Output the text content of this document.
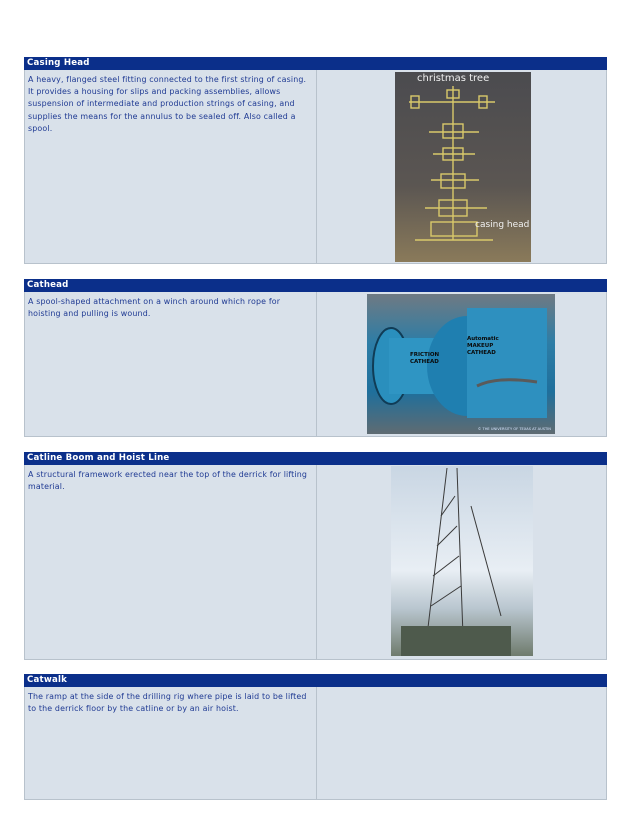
Casing Head
A heavy, flanged steel fitting connected to the first string of casing. It provides a housing for slips and packing assemblies, allows suspension of intermediate and production strings of casing, and supplies the means for the annulus to be sealed off. Also called a spool.
christmas tree
casing head
Cathead
A spool-shaped attachment on a winch around which rope for hoisting and pulling is wound.
FRICTION CATHEAD
Automatic MAKEUP CATHEAD
© THE UNIVERSITY OF TEXAS AT AUSTIN
Catline Boom and Hoist Line
A structural framework erected near the top of the derrick for lifting material.
Catwalk
The ramp at the side of the drilling rig where pipe is laid to be lifted to the derrick floor by the catline or by an air hoist.
